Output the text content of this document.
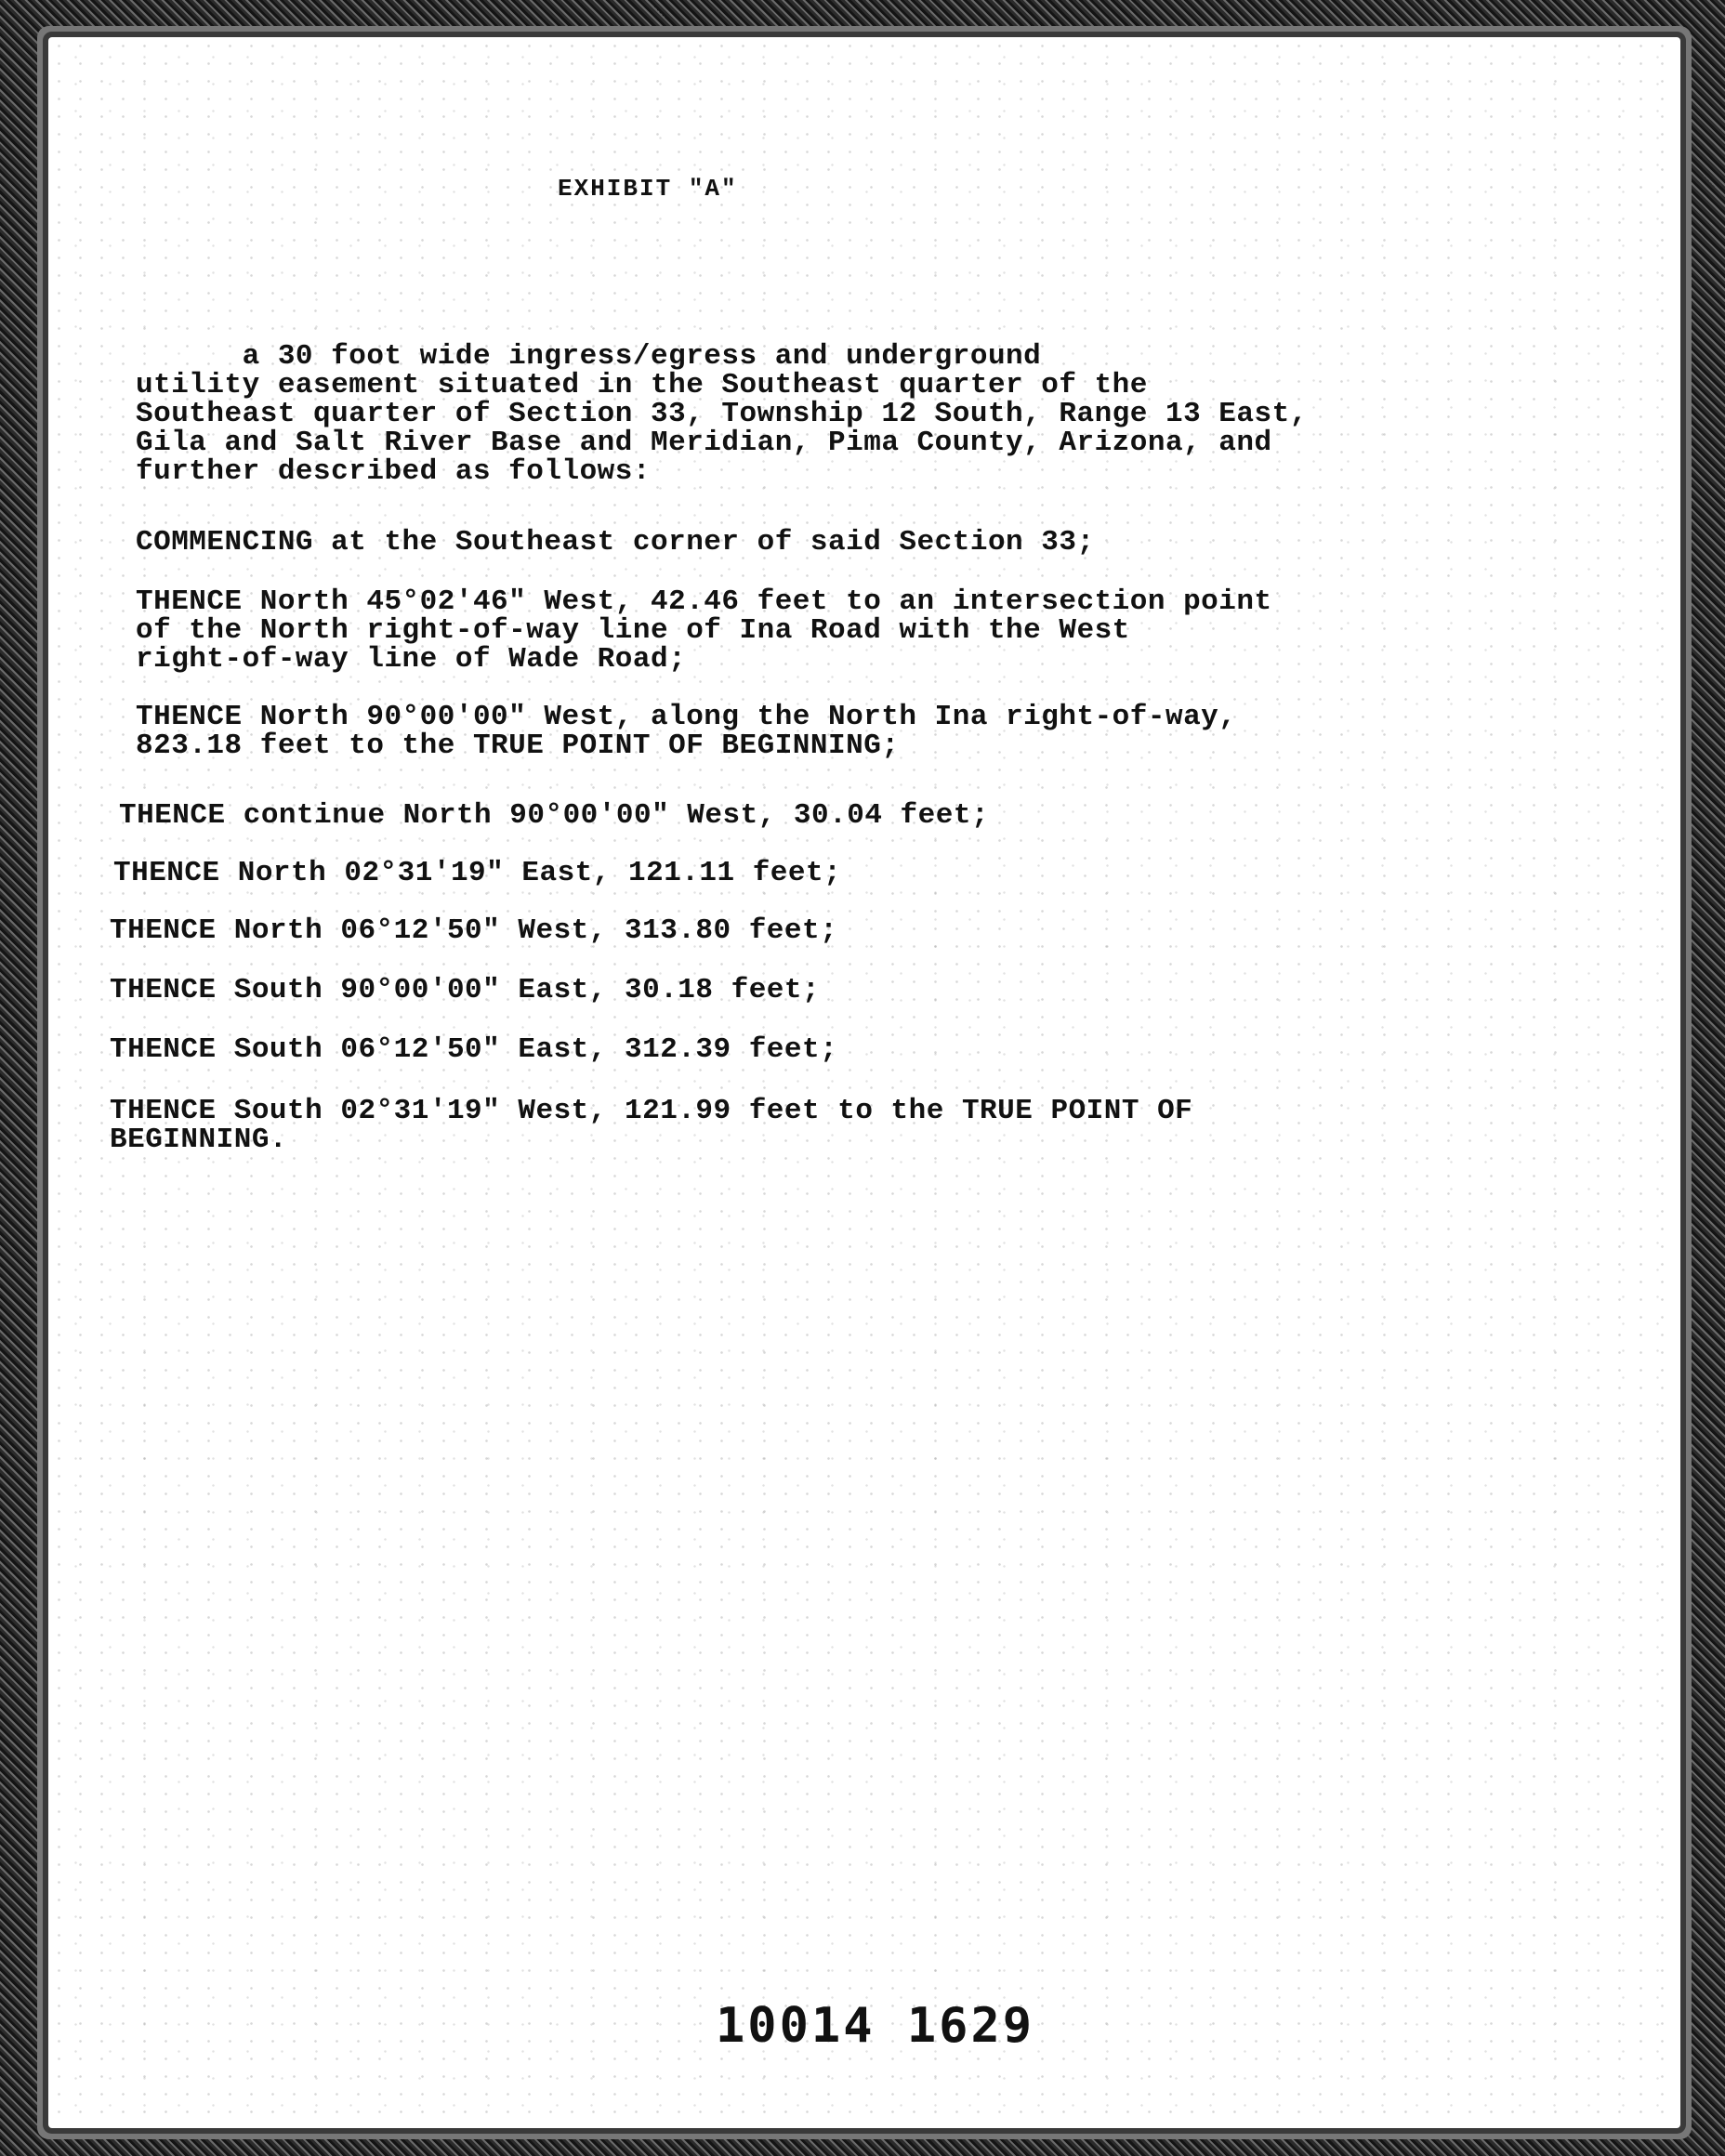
EXHIBIT "A"
a 30 foot wide ingress/egress and underground
utility easement situated in the Southeast quarter of the
Southeast quarter of Section 33, Township 12 South, Range 13 East,
Gila and Salt River Base and Meridian, Pima County, Arizona, and
further described as follows:
COMMENCING at the Southeast corner of said Section 33;
THENCE North 45°02'46" West, 42.46 feet to an intersection point
of the North right-of-way line of Ina Road with the West
right-of-way line of Wade Road;
THENCE North 90°00'00" West, along the North Ina right-of-way,
823.18 feet to the TRUE POINT OF BEGINNING;
THENCE continue North 90°00'00" West, 30.04 feet;
THENCE North 02°31'19" East, 121.11 feet;
THENCE North 06°12'50" West, 313.80 feet;
THENCE South 90°00'00" East, 30.18 feet;
THENCE South 06°12'50" East, 312.39 feet;
THENCE South 02°31'19" West, 121.99 feet to the TRUE POINT OF
BEGINNING.
10014 1629
